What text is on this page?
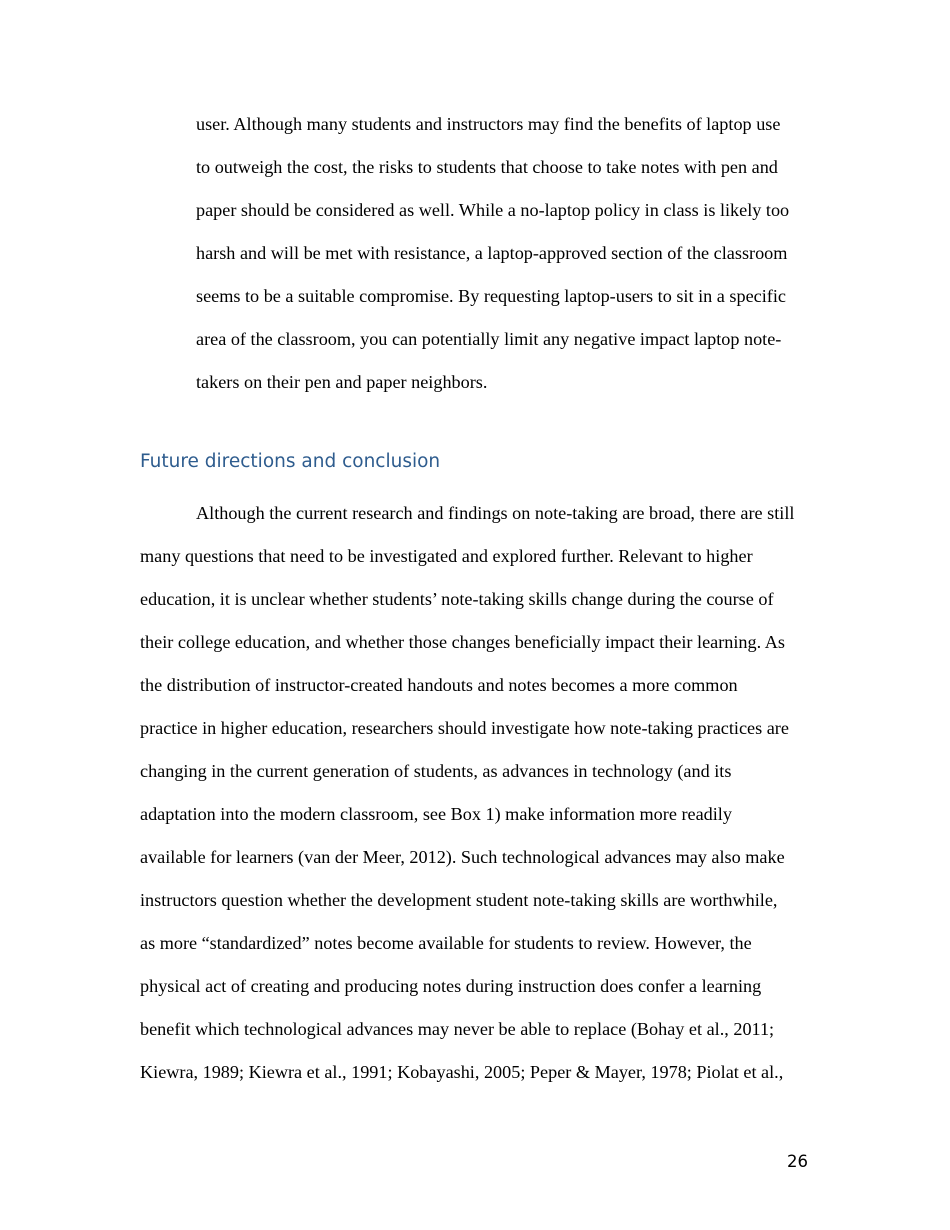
user. Although many students and instructors may find the benefits of laptop use

to outweigh the cost, the risks to students that choose to take notes with pen and

paper should be considered as well. While a no-laptop policy in class is likely too

harsh and will be met with resistance, a laptop-approved section of the classroom

seems to be a suitable compromise. By requesting laptop-users to sit in a specific

area of the classroom, you can potentially limit any negative impact laptop note-

takers on their pen and paper neighbors.

Future directions and conclusion

Although the current research and findings on note-taking are broad, there are still

many questions that need to be investigated and explored further. Relevant to higher

education, it is unclear whether students’ note-taking skills change during the course of

their college education, and whether those changes beneficially impact their learning. As

the distribution of instructor-created handouts and notes becomes a more common

practice in higher education, researchers should investigate how note-taking practices are

changing in the current generation of students, as advances in technology (and its

adaptation into the modern classroom, see Box 1) make information more readily

available for learners (van der Meer, 2012). Such technological advances may also make

instructors question whether the development student note-taking skills are worthwhile,

as more “standardized” notes become available for students to review. However, the

physical act of creating and producing notes during instruction does confer a learning

benefit which technological advances may never be able to replace (Bohay et al., 2011;

Kiewra, 1989; Kiewra et al., 1991; Kobayashi, 2005; Peper & Mayer, 1978; Piolat et al.,

26
